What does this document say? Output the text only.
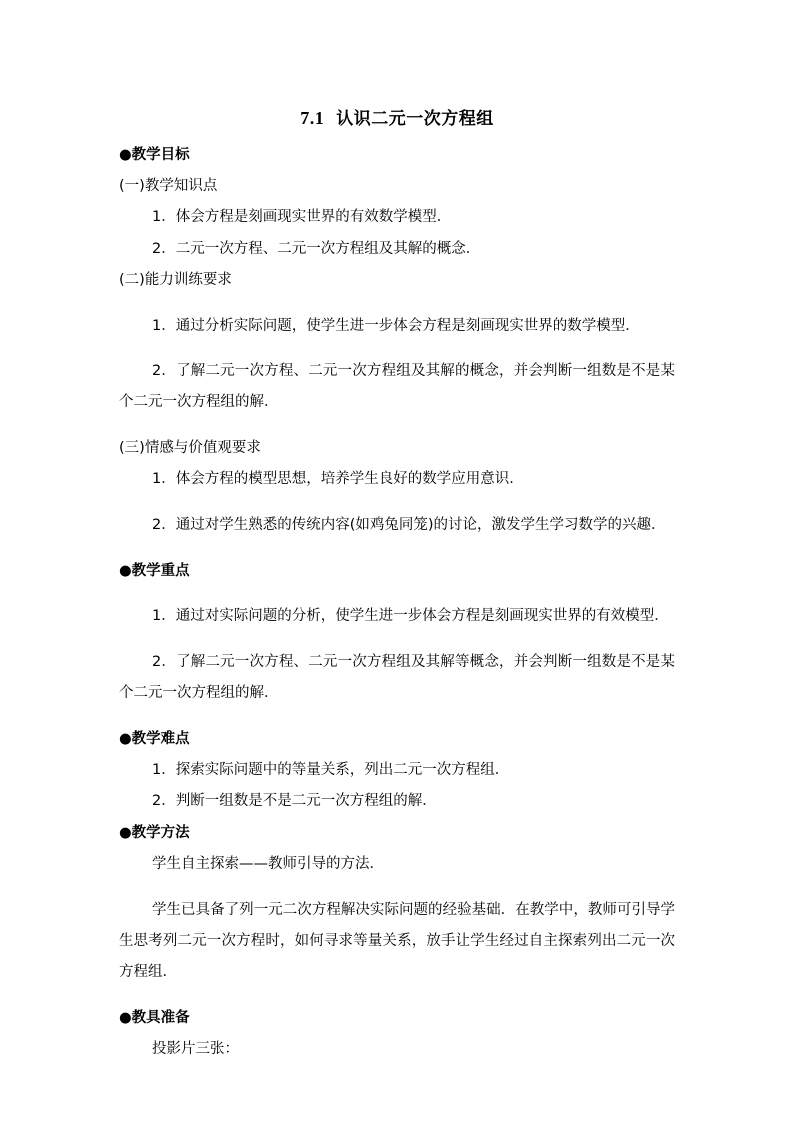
7.1 认识二元一次方程组

●教学目标

(一)教学知识点

1．体会方程是刻画现实世界的有效数学模型．

2．二元一次方程、二元一次方程组及其解的概念．

(二)能力训练要求

1．通过分析实际问题，使学生进一步体会方程是刻画现实世界的数学模型．

2．了解二元一次方程、二元一次方程组及其解的概念，并会判断一组数是不是某个二元一次方程组的解．

(三)情感与价值观要求

1．体会方程的模型思想，培养学生良好的数学应用意识．

2．通过对学生熟悉的传统内容(如鸡兔同笼)的讨论，激发学生学习数学的兴趣．

●教学重点

1．通过对实际问题的分析，使学生进一步体会方程是刻画现实世界的有效模型．

2．了解二元一次方程、二元一次方程组及其解等概念，并会判断一组数是不是某个二元一次方程组的解．

●教学难点

1．探索实际问题中的等量关系，列出二元一次方程组．

2．判断一组数是不是二元一次方程组的解．

●教学方法

学生自主探索——教师引导的方法．

学生已具备了列一元二次方程解决实际问题的经验基础．在教学中，教师可引导学生思考列二元一次方程时，如何寻求等量关系，放手让学生经过自主探索列出二元一次方程组．

●教具准备

投影片三张：
